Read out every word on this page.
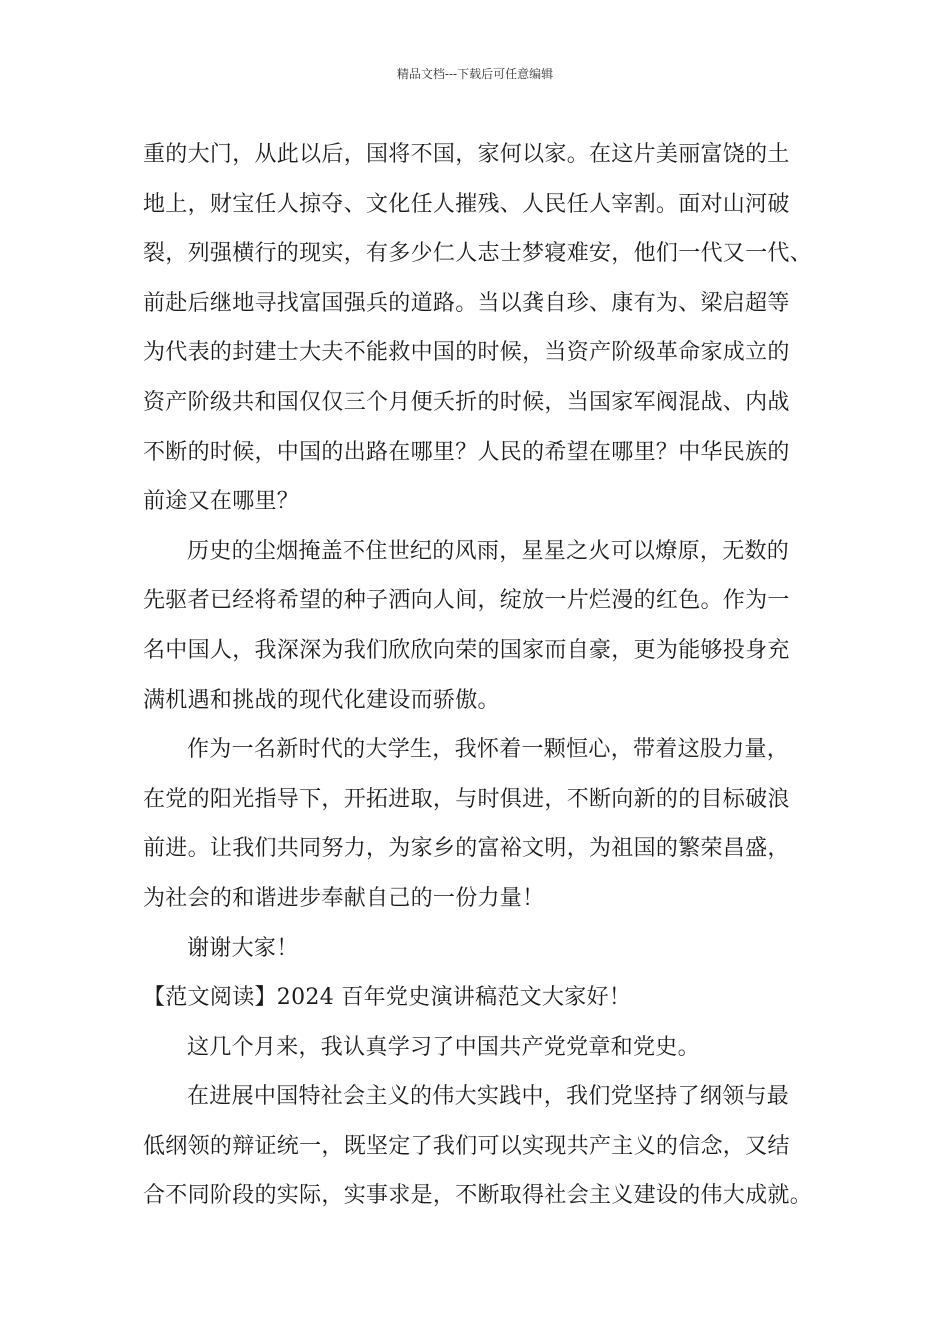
精品文档---下载后可任意编辑

重的大门，从此以后，国将不国，家何以家。在这片美丽富饶的土
地上，财宝任人掠夺、文化任人摧残、人民任人宰割。面对山河破
裂，列强横行的现实，有多少仁人志士梦寝难安，他们一代又一代、
前赴后继地寻找富国强兵的道路。当以龚自珍、康有为、梁启超等
为代表的封建士大夫不能救中国的时候，当资产阶级革命家成立的
资产阶级共和国仅仅三个月便夭折的时候，当国家军阀混战、内战
不断的时候，中国的出路在哪里？人民的希望在哪里？中华民族的
前途又在哪里？

历史的尘烟掩盖不住世纪的风雨，星星之火可以燎原，无数的
先驱者已经将希望的种子洒向人间，绽放一片烂漫的红色。作为一
名中国人，我深深为我们欣欣向荣的国家而自豪，更为能够投身充
满机遇和挑战的现代化建设而骄傲。

作为一名新时代的大学生，我怀着一颗恒心，带着这股力量，
在党的阳光指导下，开拓进取，与时俱进，不断向新的的目标破浪
前进。让我们共同努力，为家乡的富裕文明，为祖国的繁荣昌盛，
为社会的和谐进步奉献自己的一份力量！

谢谢大家！

【范文阅读】2024 百年党史演讲稿范文大家好！

这几个月来，我认真学习了中国共产党党章和党史。

在进展中国特社会主义的伟大实践中，我们党坚持了纲领与最
低纲领的辩证统一，既坚定了我们可以实现共产主义的信念，又结
合不同阶段的实际，实事求是，不断取得社会主义建设的伟大成就。
